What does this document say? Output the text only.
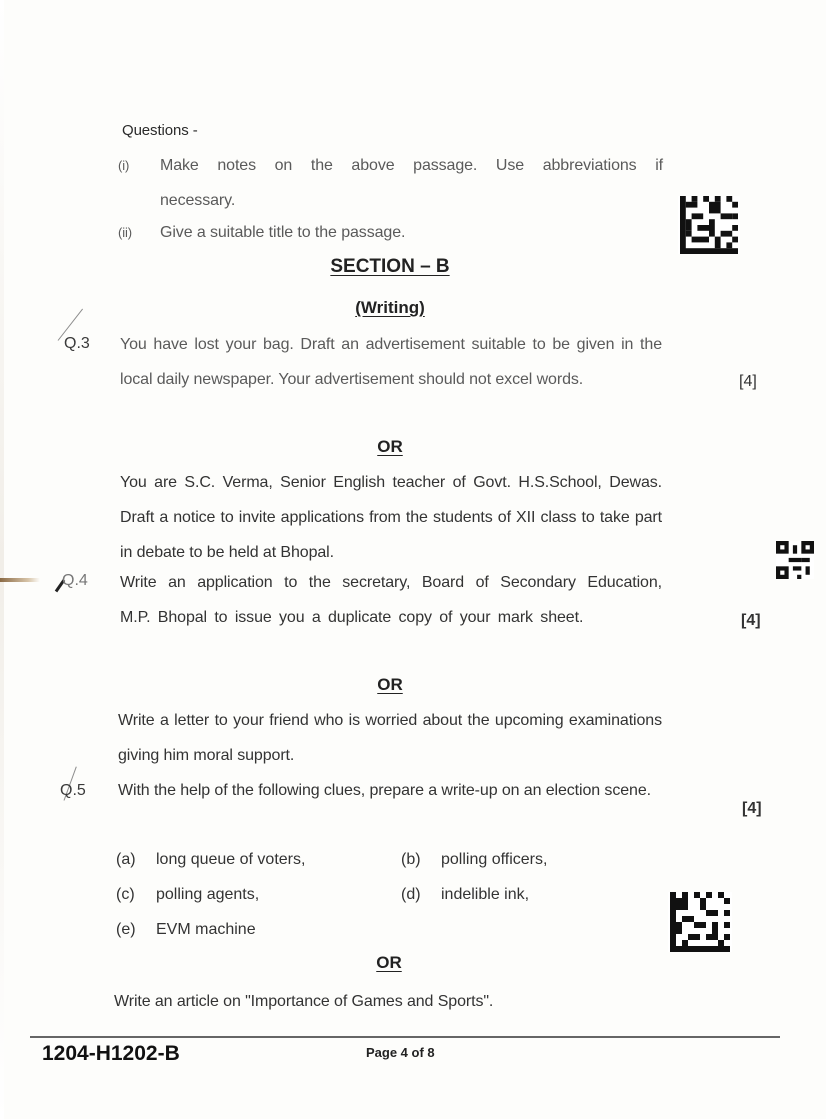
Questions -
(i) Make notes on the above passage. Use abbreviations if necessary.
(ii) Give a suitable title to the passage.
SECTION – B
(Writing)
Q.3 You have lost your bag. Draft an advertisement suitable to be given in the local daily newspaper. Your advertisement should not excel words.	[4]
OR
You are S.C. Verma, Senior English teacher of Govt. H.S.School, Dewas. Draft a notice to invite applications from the students of XII class to take part in debate to be held at Bhopal.
Q.4 Write an application to the secretary, Board of Secondary Education, M.P. Bhopal to issue you a duplicate copy of your mark sheet.	[4]
OR
Write a letter to your friend who is worried about the upcoming examinations giving him moral support.
Q.5 With the help of the following clues, prepare a write-up on an election scene.
[4]
(a)	long queue of voters,	(b)	polling officers,
(c)	polling agents,	(d)	indelible ink,
(e)	EVM machine
OR
Write an article on "Importance of Games and Sports".
1204-H1202-B	Page 4 of 8
